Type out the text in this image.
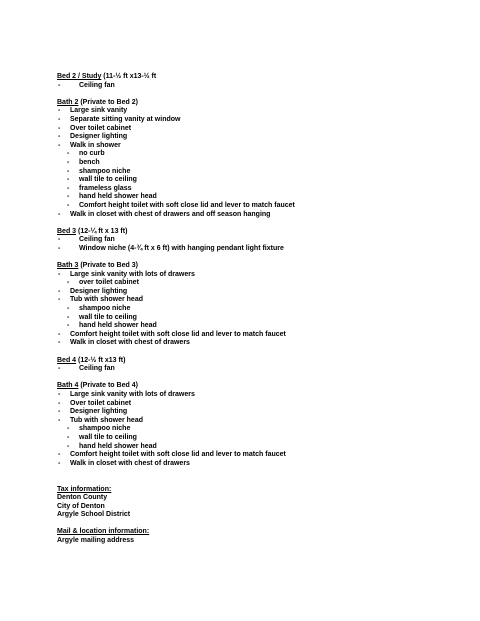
Bed 2 / Study (11-½ ft x13-½ ft
- Ceiling fan
Bath 2 (Private to Bed 2)
- Large sink vanity
- Separate sitting vanity at window
- Over toilet cabinet
- Designer lighting
- Walk in shower
- no curb
- bench
- shampoo niche
- wall tile to ceiling
- frameless glass
- hand held shower head
- Comfort height toilet with soft close lid and lever to match faucet
- Walk in closet with chest of drawers and off season hanging
Bed 3 (12-¼ ft x 13 ft)
- Ceiling fan
- Window niche (4-¾ ft x 6 ft) with hanging pendant light fixture
Bath 3 (Private to Bed 3)
- Large sink vanity with lots of drawers
- over toilet cabinet
- Designer lighting
- Tub with shower head
- shampoo niche
- wall tile to ceiling
- hand held shower head
- Comfort height toilet with soft close lid and lever to match faucet
- Walk in closet with chest of drawers
Bed 4 (12-½ ft x13 ft)
- Ceiling fan
Bath 4 (Private to Bed 4)
- Large sink vanity with lots of drawers
- Over toilet cabinet
- Designer lighting
- Tub with shower head
- shampoo niche
- wall tile to ceiling
- hand held shower head
- Comfort height toilet with soft close lid and lever to match faucet
- Walk in closet with chest of drawers
Tax information:
Denton County
City of Denton
Argyle School District
Mail & location information:
Argyle mailing address
